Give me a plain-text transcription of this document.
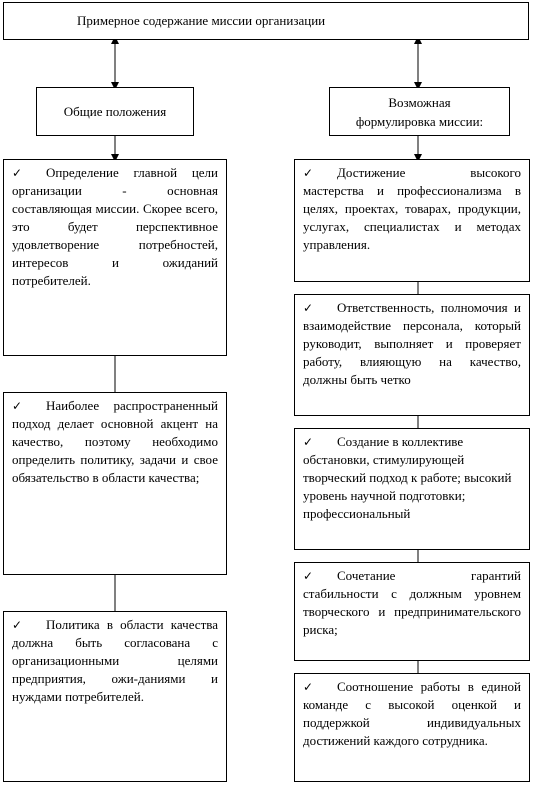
Примерное содержание миссии организации
Общие положения
Возможная формулировка миссии:
✓ Определение главной цели организации - основная составляющая миссии. Скорее всего, это будет перспективное удовлетворение потребностей, интересов и ожиданий потребителей.
✓ Наиболее распространенный подход делает основной акцент на качество, поэтому необходимо определить политику, задачи и свое обязательство в области качества;
✓ Политика в области качества должна быть согласована с организационными целями предприятия, ожи-даниями и нуждами потребителей.
✓ Достижение высокого мастерства и профессионализма в целях, проектах, товарах, продукции, услугах, специалистах и методах управления.
✓ Ответственность, полномочия и взаимодействие персонала, который руководит, выполняет и проверяет работу, влияющую на качество, должны быть четко
✓ Создание в коллективе обстановки, стимулирующей творческий подход к работе; высокий уровень научной подготовки; профессиональный
✓ Сочетание гарантий стабильности с должным уровнем творческого и предпринимательского риска;
✓ Соотношение работы в единой команде с высокой оценкой и поддержкой индивидуальных достижений каждого сотрудника.
